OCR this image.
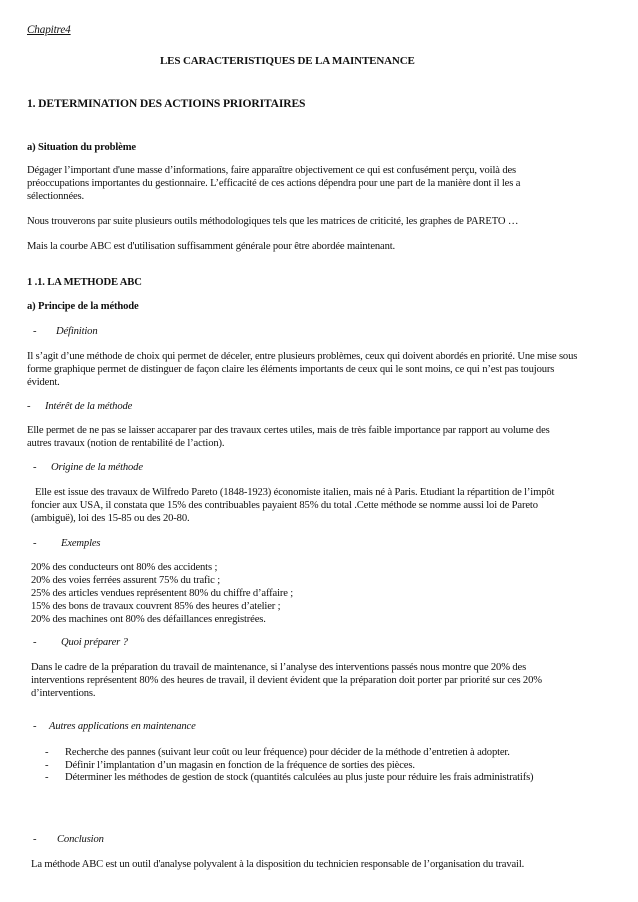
Chapitre4
LES CARACTERISTIQUES DE LA MAINTENANCE
1. DETERMINATION DES ACTIOINS PRIORITAIRES
a) Situation du problème
Dégager l’important d'une masse d’informations, faire apparaître objectivement ce qui est confusément perçu, voilà des
préoccupations importantes du gestionnaire. L’efficacité de ces actions dépendra pour une part de la manière dont il les a
sélectionnées.
Nous trouverons par suite plusieurs outils méthodologiques tels que les matrices de criticité, les graphes de PARETO …
Mais la courbe ABC est d'utilisation suffisamment générale pour être abordée maintenant.
1 .1. LA METHODE ABC
a) Principe de la méthode
- Définition
Il s’agit d’une méthode de choix qui permet de déceler, entre plusieurs problèmes, ceux qui doivent abordés en priorité. Une mise sous
forme graphique permet de distinguer de façon claire les éléments importants de ceux qui le sont moins, ce qui n’est pas toujours
évident.
- Intérêt de la méthode
Elle permet de ne pas se laisser accaparer par des travaux certes utiles, mais de très faible importance par rapport au volume des
autres travaux (notion de rentabilité de l’action).
- Origine de la méthode
Elle est issue des travaux de Wilfredo Pareto (1848-1923) économiste italien, mais né à Paris. Etudiant la répartition de l’impôt
foncier aux USA, il constata que 15% des contribuables payaient 85% du total .Cette méthode se nomme aussi loi de Pareto
(ambiguë), loi des 15-85 ou des 20-80.
- Exemples
20% des conducteurs ont 80% des accidents ;
20% des voies ferrées assurent 75% du trafic ;
25% des articles vendues représentent 80% du chiffre d’affaire ;
15% des bons de travaux couvrent 85% des heures d’atelier ;
20% des machines ont 80% des défaillances enregistrées.
- Quoi préparer ?
Dans le cadre de la préparation du travail de maintenance, si l’analyse des interventions passés nous montre que 20% des
interventions représentent 80% des heures de travail, il devient évident que la préparation doit porter par priorité sur ces 20%
d’interventions.
- Autres applications en maintenance
- Recherche des pannes (suivant leur coût ou leur fréquence) pour décider de la méthode d’entretien à adopter.
- Définir l’implantation d’un magasin en fonction de la fréquence de sorties des pièces.
- Déterminer les méthodes de gestion de stock (quantités calculées au plus juste pour réduire les frais administratifs)
- Conclusion
La méthode ABC est un outil d'analyse polyvalent à la disposition du technicien responsable de l’organisation du travail.
